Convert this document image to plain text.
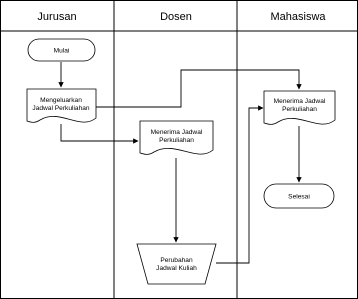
Jurusan	Dosen	Mahasiswa
Mulai
Mengeluarkan
Jadwal Perkuliahan
Menerima Jadwal
Perkuliahan
Perubahan
Jadwal Kuliah
Menerima Jadwal
Perkuliahan
Selesai
